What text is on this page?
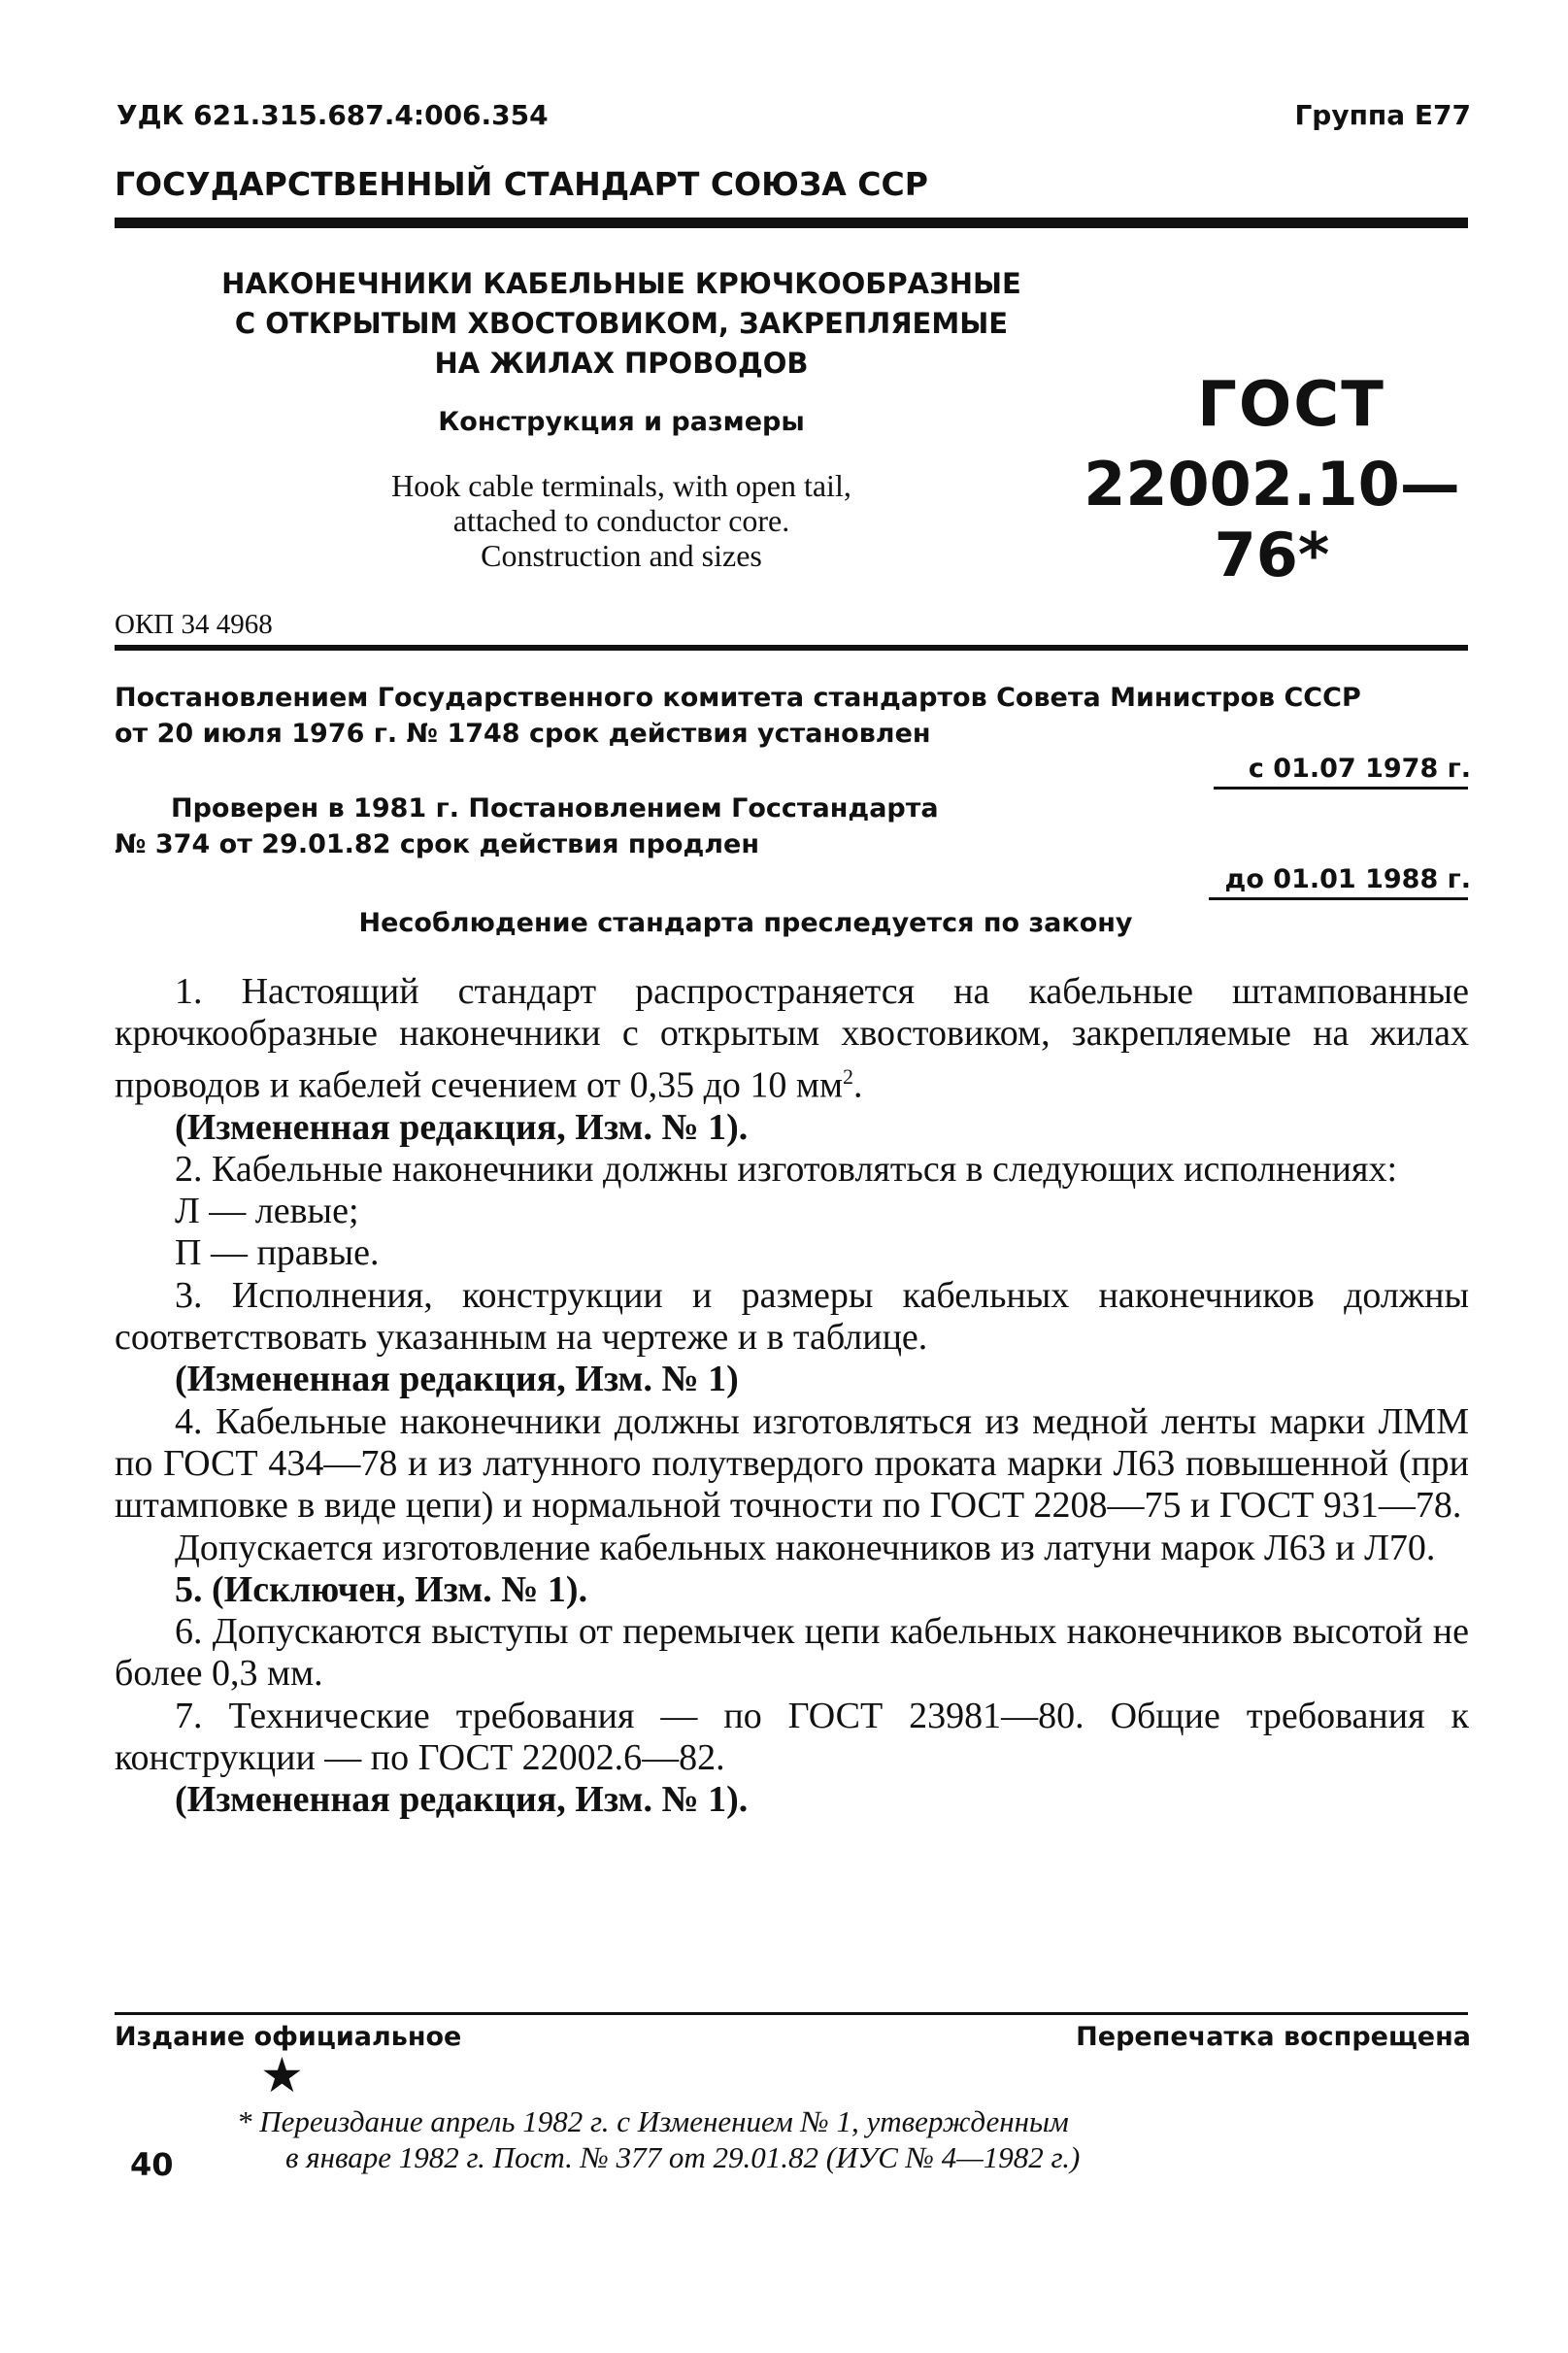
УДК 621.315.687.4:006.354	Группа Е77
ГОСУДАРСТВЕННЫЙ СТАНДАРТ СОЮЗА ССР
НАКОНЕЧНИКИ КАБЕЛЬНЫЕ КРЮЧКООБРАЗНЫЕ
С ОТКРЫТЫМ ХВОСТОВИКОМ, ЗАКРЕПЛЯЕМЫЕ
НА ЖИЛАХ ПРОВОДОВ
Конструкция и размеры
Hook cable terminals, with open tail,
attached to conductor core.
Construction and sizes
ГОСТ
22002.10—76*
ОКП 34 4968
Постановлением Государственного комитета стандартов Совета Министров СССР
от 20 июля 1976 г. № 1748 срок действия установлен
с 01.07 1978 г.
Проверен в 1981 г. Постановлением Госстандарта
№ 374 от 29.01.82 срок действия продлен
до 01.01 1988 г.
Несоблюдение стандарта преследуется по закону

1. Настоящий стандарт распространяется на кабельные штампованные крючкообразные наконечники с открытым хвостовиком, закрепляемые на жилах проводов и кабелей сечением от 0,35 до 10 $мм^2$.

(Измененная редакция, Изм. № 1).

2. Кабельные наконечники должны изготовляться в следующих исполнениях:

Л — левые;

П — правые.

3. Исполнения, конструкции и размеры кабельных наконечников должны соответствовать указанным на чертеже и в таблице.

(Измененная редакция, Изм. № 1)

4. Кабельные наконечники должны изготовляться из медной ленты марки ЛММ по ГОСТ 434—78 и из латунного полутвердого проката марки Л63 повышенной (при штамповке в виде цепи) и нормальной точности по ГОСТ 2208—75 и ГОСТ 931—78.

Допускается изготовление кабельных наконечников из латуни марок Л63 и Л70.

5. (Исключен, Изм. № 1).

6. Допускаются выступы от перемычек цепи кабельных наконечников высотой не более 0,3 мм.

7. Технические требования — по ГОСТ 23981—80. Общие требования к конструкции — по ГОСТ 22002.6—82.

(Измененная редакция, Изм. № 1).

Издание официальное	Перепечатка воспрещена
★
* Переиздание апрель 1982 г. с Изменением № 1, утвержденным
в январе 1982 г. Пост. № 377 от 29.01.82 (ИУС № 4—1982 г.)
40
